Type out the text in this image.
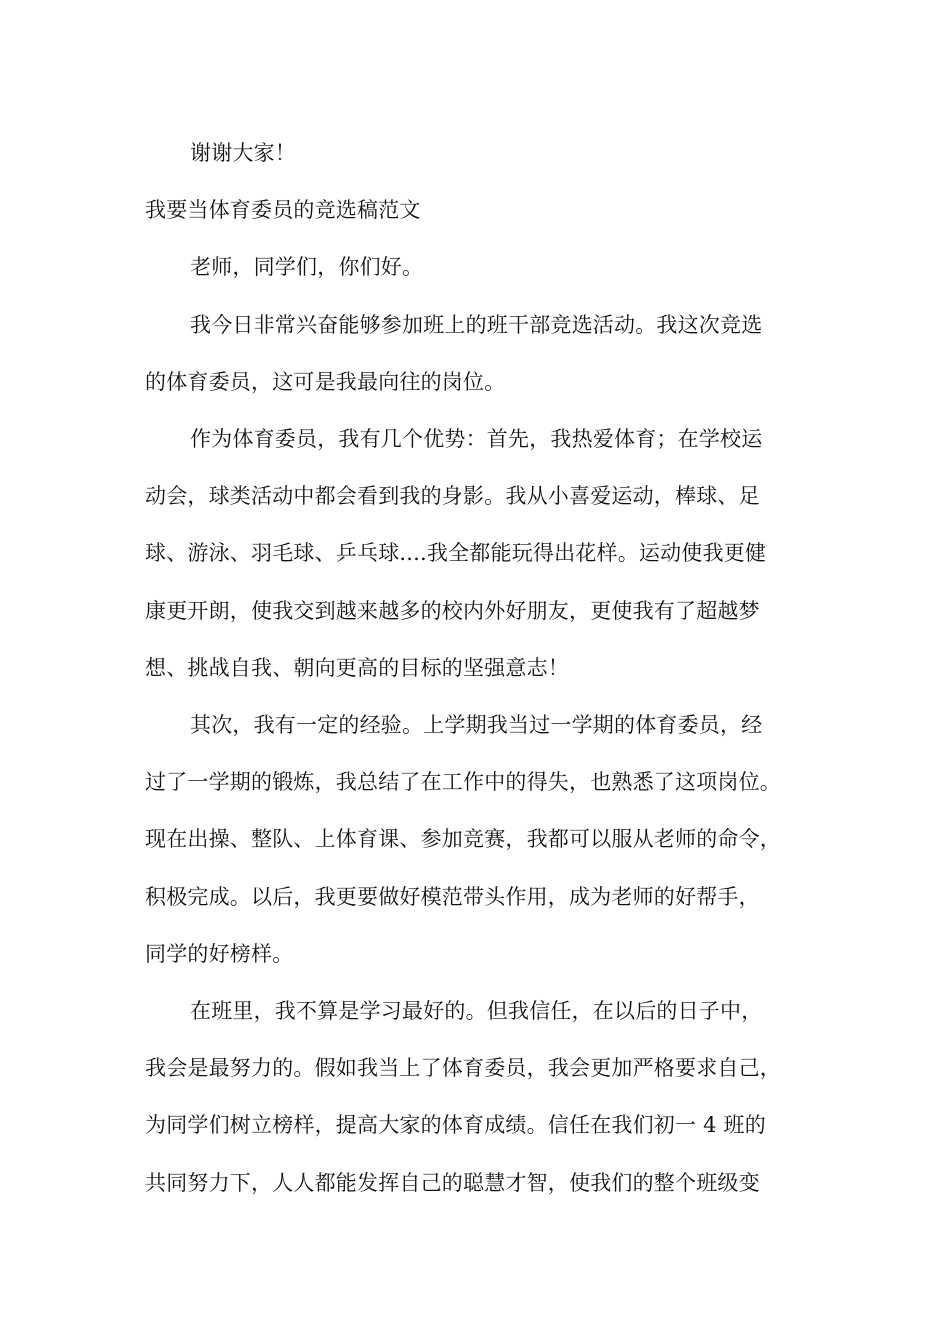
谢谢大家！
我要当体育委员的竞选稿范文
老师，同学们，你们好。
我今日非常兴奋能够参加班上的班干部竞选活动。我这次竞选
的体育委员，这可是我最向往的岗位。
作为体育委员，我有几个优势：首先，我热爱体育；在学校运
动会，球类活动中都会看到我的身影。我从小喜爱运动，棒球、足
球、游泳、羽毛球、乒乓球....我全都能玩得出花样。运动使我更健
康更开朗，使我交到越来越多的校内外好朋友，更使我有了超越梦
想、挑战自我、朝向更高的目标的坚强意志！
其次，我有一定的经验。上学期我当过一学期的体育委员，经
过了一学期的锻炼，我总结了在工作中的得失，也熟悉了这项岗位。
现在出操、整队、上体育课、参加竞赛，我都可以服从老师的命令，
积极完成。以后，我更要做好模范带头作用，成为老师的好帮手，
同学的好榜样。
在班里，我不算是学习最好的。但我信任，在以后的日子中，
我会是最努力的。假如我当上了体育委员，我会更加严格要求自己，
为同学们树立榜样，提高大家的体育成绩。信任在我们初一 4 班的
共同努力下，人人都能发挥自己的聪慧才智，使我们的整个班级变
